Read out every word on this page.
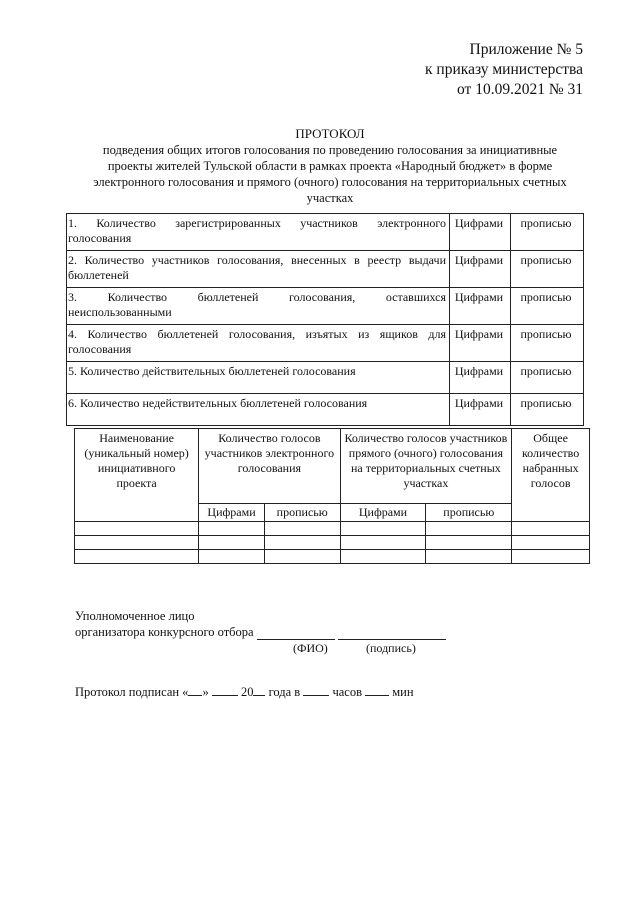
Приложение № 5
к приказу министерства
от 10.09.2021 № 31
ПРОТОКОЛ
подведения общих итогов голосования по проведению голосования за инициативные проекты жителей Тульской области в рамках проекта «Народный бюджет» в форме электронного голосования и прямого (очного) голосования на территориальных счетных участках
1. Количество зарегистрированных участников электронного
голосования	Цифрами	прописью

2. Количество участников голосования, внесенных в реестр выдачи
бюллетеней	Цифрами	прописью

3. Количество бюллетеней голосования, оставшихся
неиспользованными	Цифрами	прописью

4. Количество бюллетеней голосования, изъятых из ящиков для
голосования	Цифрами	прописью

5. Количество действительных бюллетеней голосования	Цифрами	прописью

6. Количество недействительных бюллетеней голосования	Цифрами	прописью
Наименование (уникальный номер) инициативного проекта	Количество голосов участников электронного голосования		Количество голосов участников прямого (очного) голосования на территориальных счетных участках		Общее количество набранных голосов
	Цифрами	прописью	Цифрами	прописью	

Уполномоченное лицо
организатора конкурсного отбора
(ФИО)	(подпись)
Протокол подписан « »	20 года в	часов мин
